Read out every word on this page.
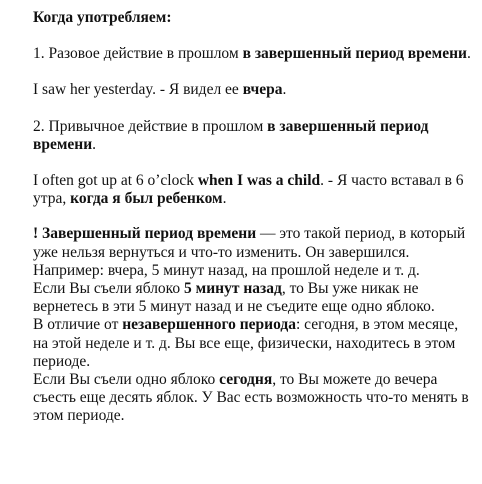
Когда употребляем:

1. Разовое действие в прошлом в завершенный период времени.

I saw her yesterday. - Я видел ее вчера.

2. Привычное действие в прошлом в завершенный период времени.

I often got up at 6 o’clock when I was a child. - Я часто вставал в 6 утра, когда я был ребенком.

! Завершенный период времени — это такой период, в который уже нельзя вернуться и что-то изменить. Он завершился. Например: вчера, 5 минут назад, на прошлой неделе и т. д.

Если Вы съели яблоко 5 минут назад, то Вы уже никак не вернетесь в эти 5 минут назад и не съедите еще одно яблоко.

В отличие от незавершенного периода: сегодня, в этом месяце, на этой неделе и т. д. Вы все еще, физически, находитесь в этом периоде.

Если Вы съели одно яблоко сегодня, то Вы можете до вечера съесть еще десять яблок. У Вас есть возможность что-то менять в этом периоде.
